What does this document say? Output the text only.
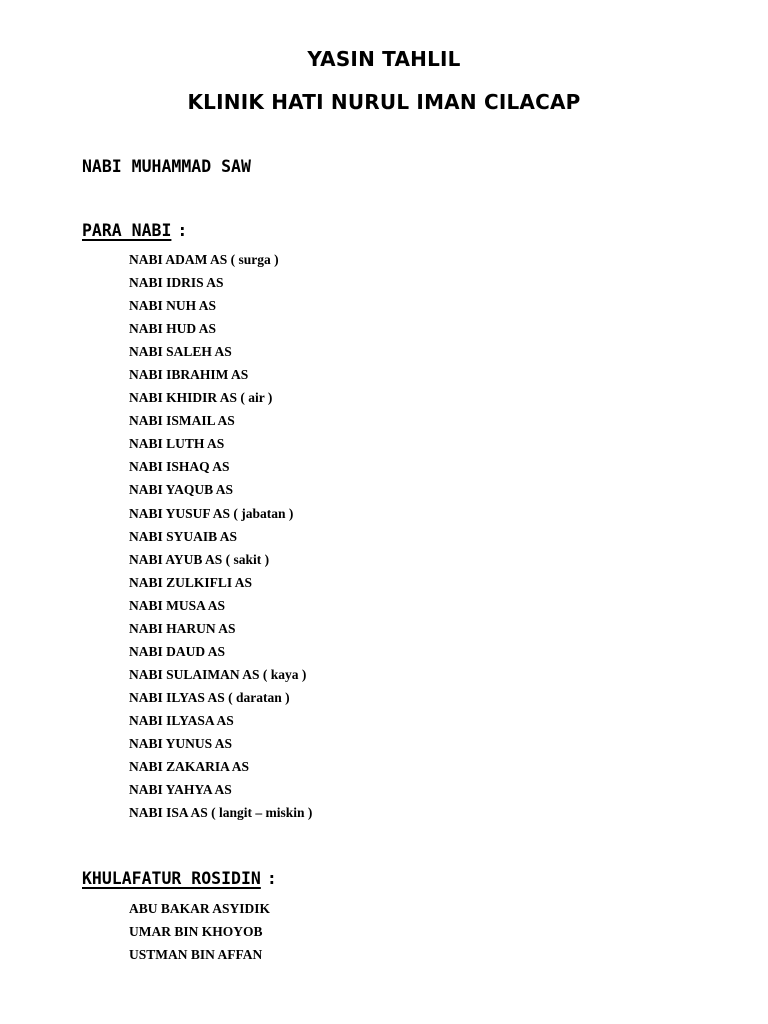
YASIN TAHLIL
KLINIK HATI NURUL IMAN CILACAP
NABI MUHAMMAD SAW
PARA NABI :
NABI ADAM AS ( surga )
NABI IDRIS AS
NABI NUH AS
NABI HUD AS
NABI SALEH AS
NABI IBRAHIM AS
NABI KHIDIR AS ( air )
NABI ISMAIL AS
NABI LUTH AS
NABI ISHAQ AS
NABI YAQUB AS
NABI YUSUF AS ( jabatan )
NABI SYUAIB AS
NABI AYUB AS ( sakit )
NABI ZULKIFLI AS
NABI MUSA AS
NABI HARUN AS
NABI DAUD AS
NABI SULAIMAN AS ( kaya )
NABI ILYAS AS ( daratan )
NABI ILYASA AS
NABI YUNUS AS
NABI ZAKARIA AS
NABI YAHYA AS
NABI ISA AS ( langit – miskin )
KHULAFATUR ROSIDIN :
ABU BAKAR ASYIDIK
UMAR BIN KHOYOB
USTMAN BIN AFFAN
